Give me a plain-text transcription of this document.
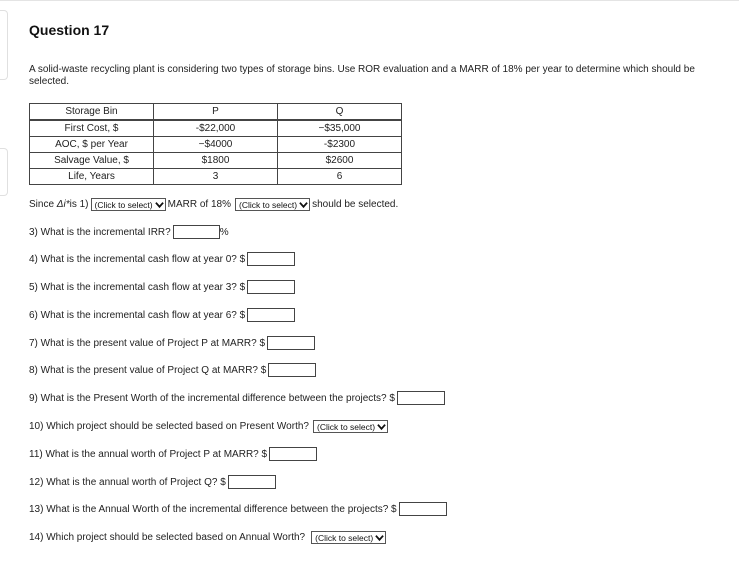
Question 17
A solid-waste recycling plant is considering two types of storage bins. Use ROR evaluation and a MARR of 18% per year to determine which should be selected.
Storage Bin	P	Q
First Cost, $	-$22,000	−$35,000
AOC, $ per Year	−$4000	-$2300
Salvage Value, $	$1800	$2600
Life, Years	3	6
Since
Δi* is 1) (Click to select) MARR of 18% (Click to select) should be selected.
3) What is the incremental IRR?	%
4) What is the incremental cash flow at year 0? $
5) What is the incremental cash flow at year 3? $
6) What is the incremental cash flow at year 6? $
7) What is the present value of Project P at MARR? $
8) What is the present value of Project Q at MARR? $
9) What is the Present Worth of the incremental difference between the projects? $
10) Which project should be selected based on Present Worth? (Click to select)
11) What is the annual worth of Project P at MARR? $
12) What is the annual worth of Project Q? $
13) What is the Annual Worth of the incremental difference between the projects? $
14) Which project should be selected based on Annual Worth? (Click to select)
